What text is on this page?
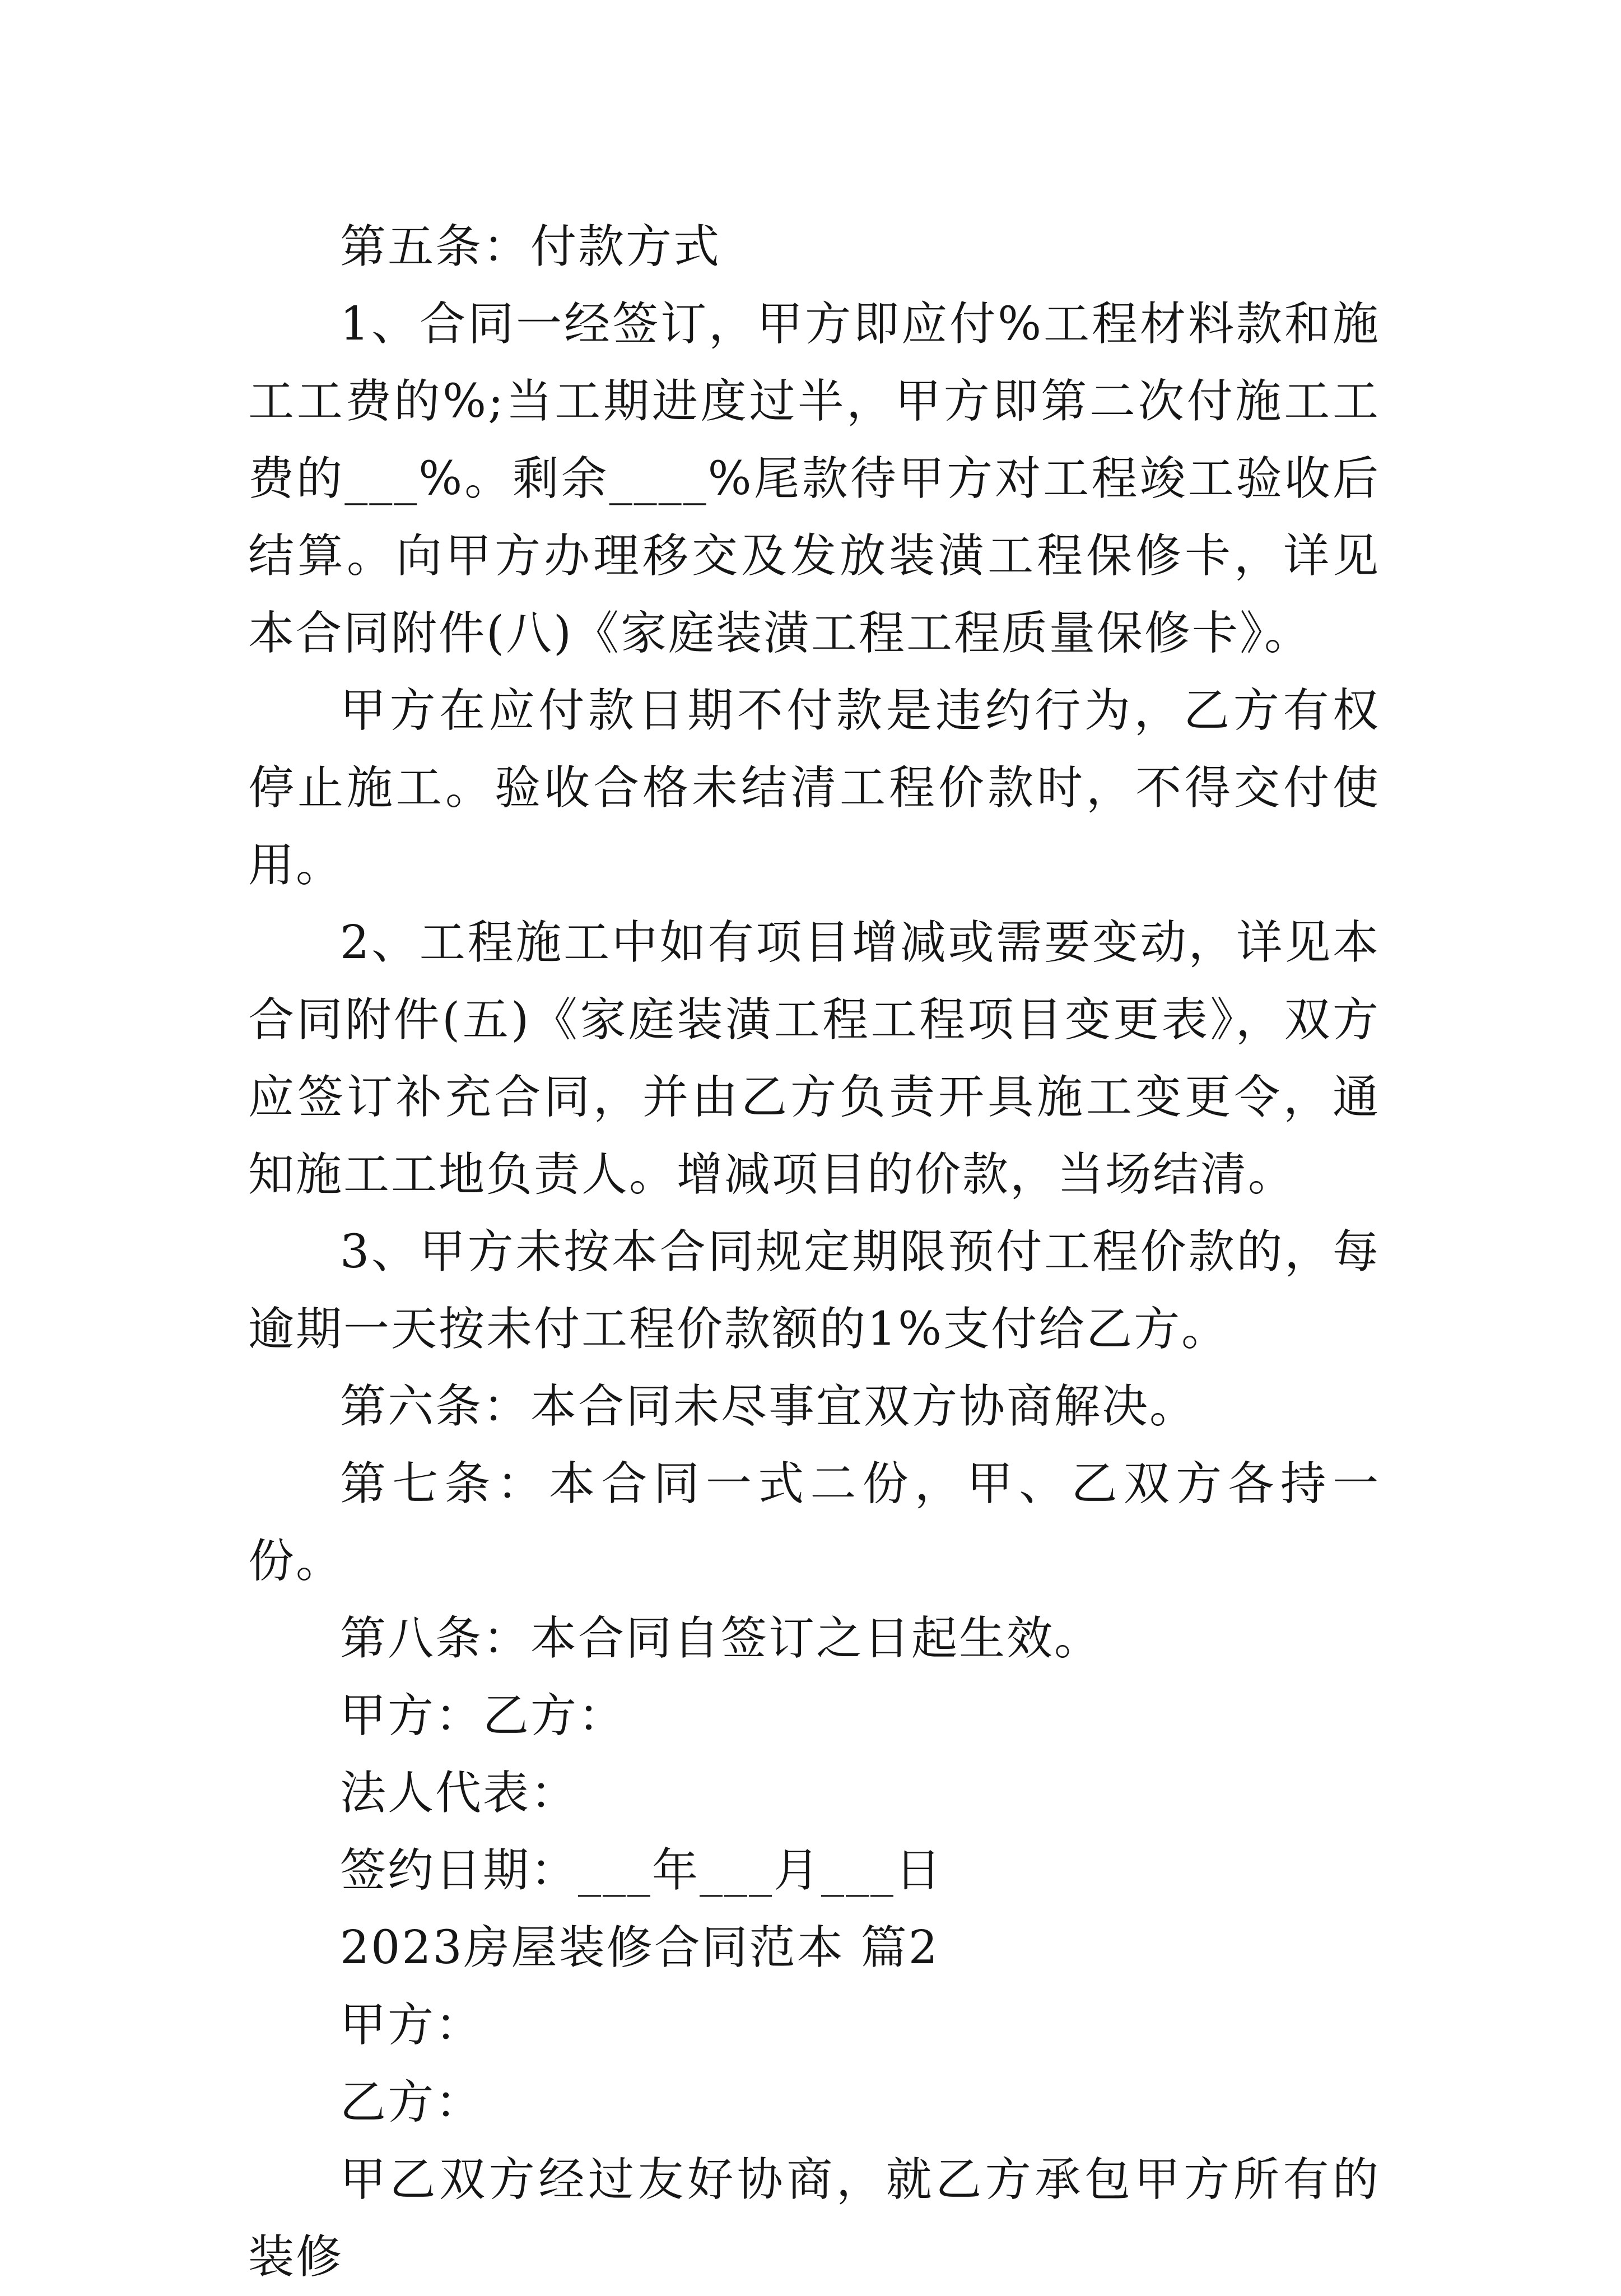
第五条：付款方式

1、合同一经签订，甲方即应付%工程材料款和施工工费的%;当工期进度过半，甲方即第二次付施工工费的___%。剩余____%尾款待甲方对工程竣工验收后结算。向甲方办理移交及发放装潢工程保修卡，详见本合同附件(八)《家庭装潢工程工程质量保修卡》。

甲方在应付款日期不付款是违约行为，乙方有权停止施工。验收合格未结清工程价款时，不得交付使用。

2、工程施工中如有项目增减或需要变动，详见本合同附件(五)《家庭装潢工程工程项目变更表》，双方应签订补充合同，并由乙方负责开具施工变更令，通知施工工地负责人。增减项目的价款，当场结清。

3、甲方未按本合同规定期限预付工程价款的，每逾期一天按未付工程价款额的1%支付给乙方。

第六条：本合同未尽事宜双方协商解决。

第七条：本合同一式二份，甲、乙双方各持一份。

第八条：本合同自签订之日起生效。

甲方：乙方：

法人代表：

签约日期：___年___月___日

2023房屋装修合同范本 篇2

甲方：

乙方：

甲乙双方经过友好协商，就乙方承包甲方所有的 装修
